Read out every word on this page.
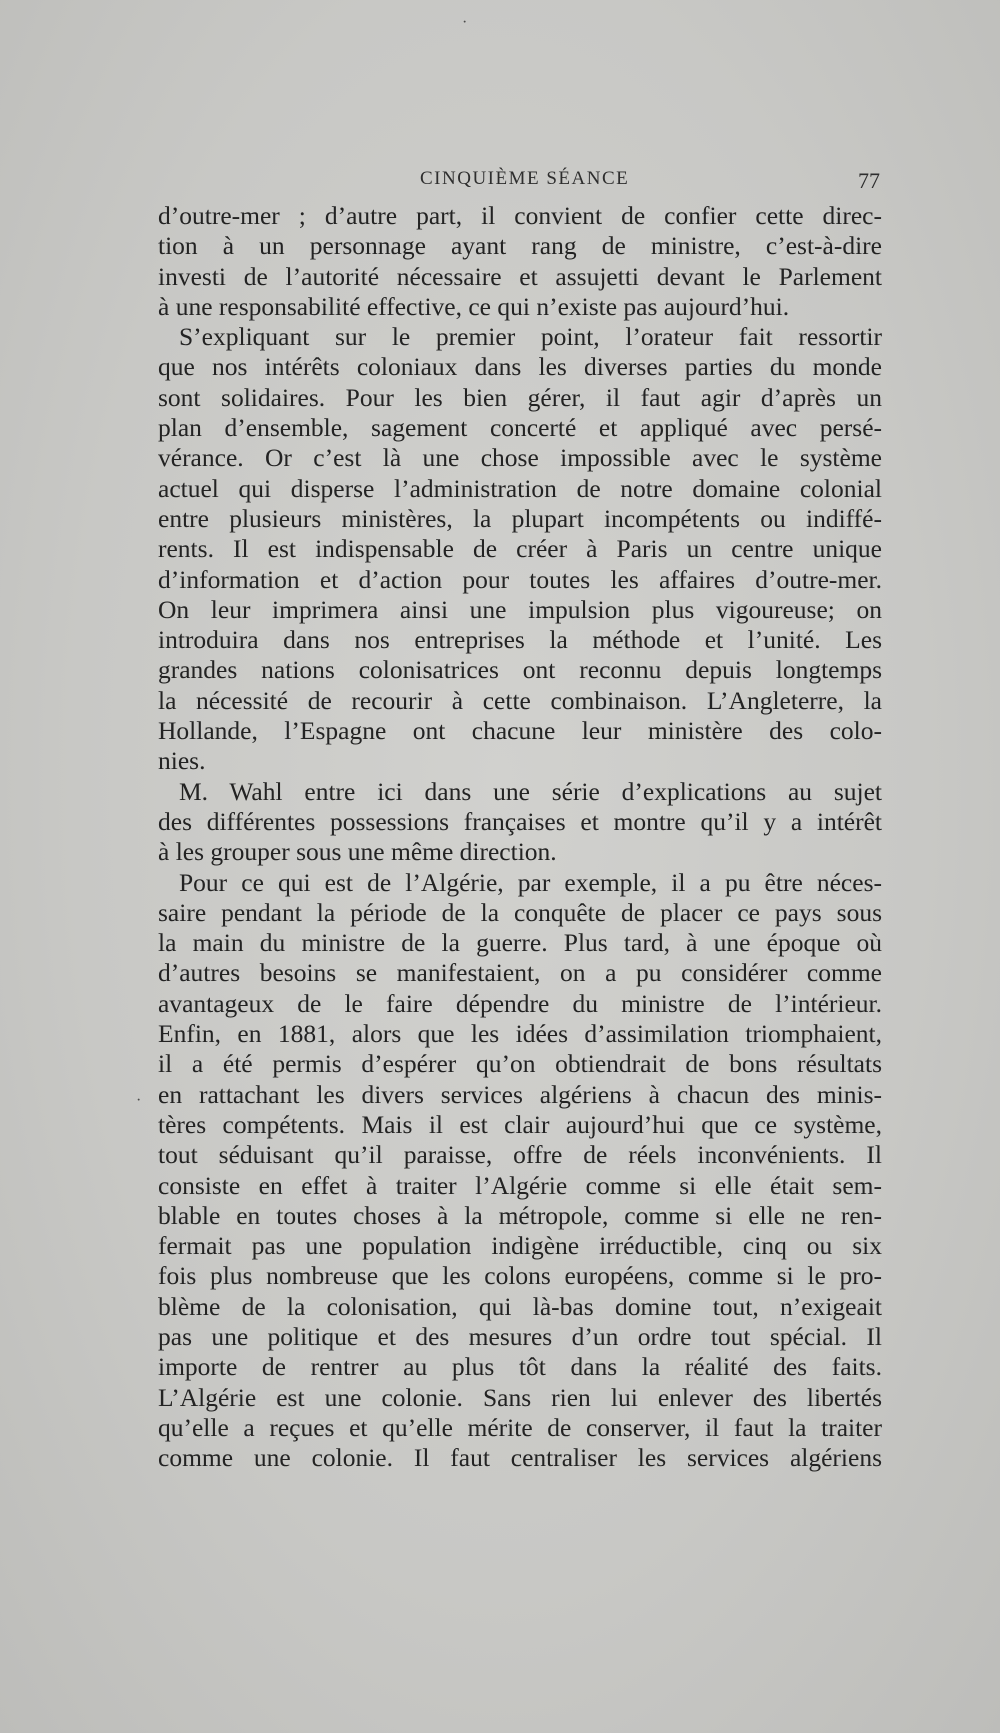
·
·
CINQUIÈME SÉANCE	77
d’outre-mer ; d’autre part, il convient de confier cette direc-
tion à un personnage ayant rang de ministre, c’est-à-dire
investi de l’autorité nécessaire et assujetti devant le Parlement
à une responsabilité effective, ce qui n’existe pas aujourd’hui.
S’expliquant sur le premier point, l’orateur fait ressortir
que nos intérêts coloniaux dans les diverses parties du monde
sont solidaires. Pour les bien gérer, il faut agir d’après un
plan d’ensemble, sagement concerté et appliqué avec persé-
vérance. Or c’est là une chose impossible avec le système
actuel qui disperse l’administration de notre domaine colonial
entre plusieurs ministères, la plupart incompétents ou indiffé-
rents. Il est indispensable de créer à Paris un centre unique
d’information et d’action pour toutes les affaires d’outre-mer.
On leur imprimera ainsi une impulsion plus vigoureuse; on
introduira dans nos entreprises la méthode et l’unité. Les
grandes nations colonisatrices ont reconnu depuis longtemps
la nécessité de recourir à cette combinaison. L’Angleterre, la
Hollande, l’Espagne ont chacune leur ministère des colo-
nies.
M. Wahl entre ici dans une série d’explications au sujet
des différentes possessions françaises et montre qu’il y a intérêt
à les grouper sous une même direction.
Pour ce qui est de l’Algérie, par exemple, il a pu être néces-
saire pendant la période de la conquête de placer ce pays sous
la main du ministre de la guerre. Plus tard, à une époque où
d’autres besoins se manifestaient, on a pu considérer comme
avantageux de le faire dépendre du ministre de l’intérieur.
Enfin, en 1881, alors que les idées d’assimilation triomphaient,
il a été permis d’espérer qu’on obtiendrait de bons résultats
en rattachant les divers services algériens à chacun des minis-
tères compétents. Mais il est clair aujourd’hui que ce système,
tout séduisant qu’il paraisse, offre de réels inconvénients. Il
consiste en effet à traiter l’Algérie comme si elle était sem-
blable en toutes choses à la métropole, comme si elle ne ren-
fermait pas une population indigène irréductible, cinq ou six
fois plus nombreuse que les colons européens, comme si le pro-
blème de la colonisation, qui là-bas domine tout, n’exigeait
pas une politique et des mesures d’un ordre tout spécial. Il
importe de rentrer au plus tôt dans la réalité des faits.
L’Algérie est une colonie. Sans rien lui enlever des libertés
qu’elle a reçues et qu’elle mérite de conserver, il faut la traiter
comme une colonie. Il faut centraliser les services algériens
